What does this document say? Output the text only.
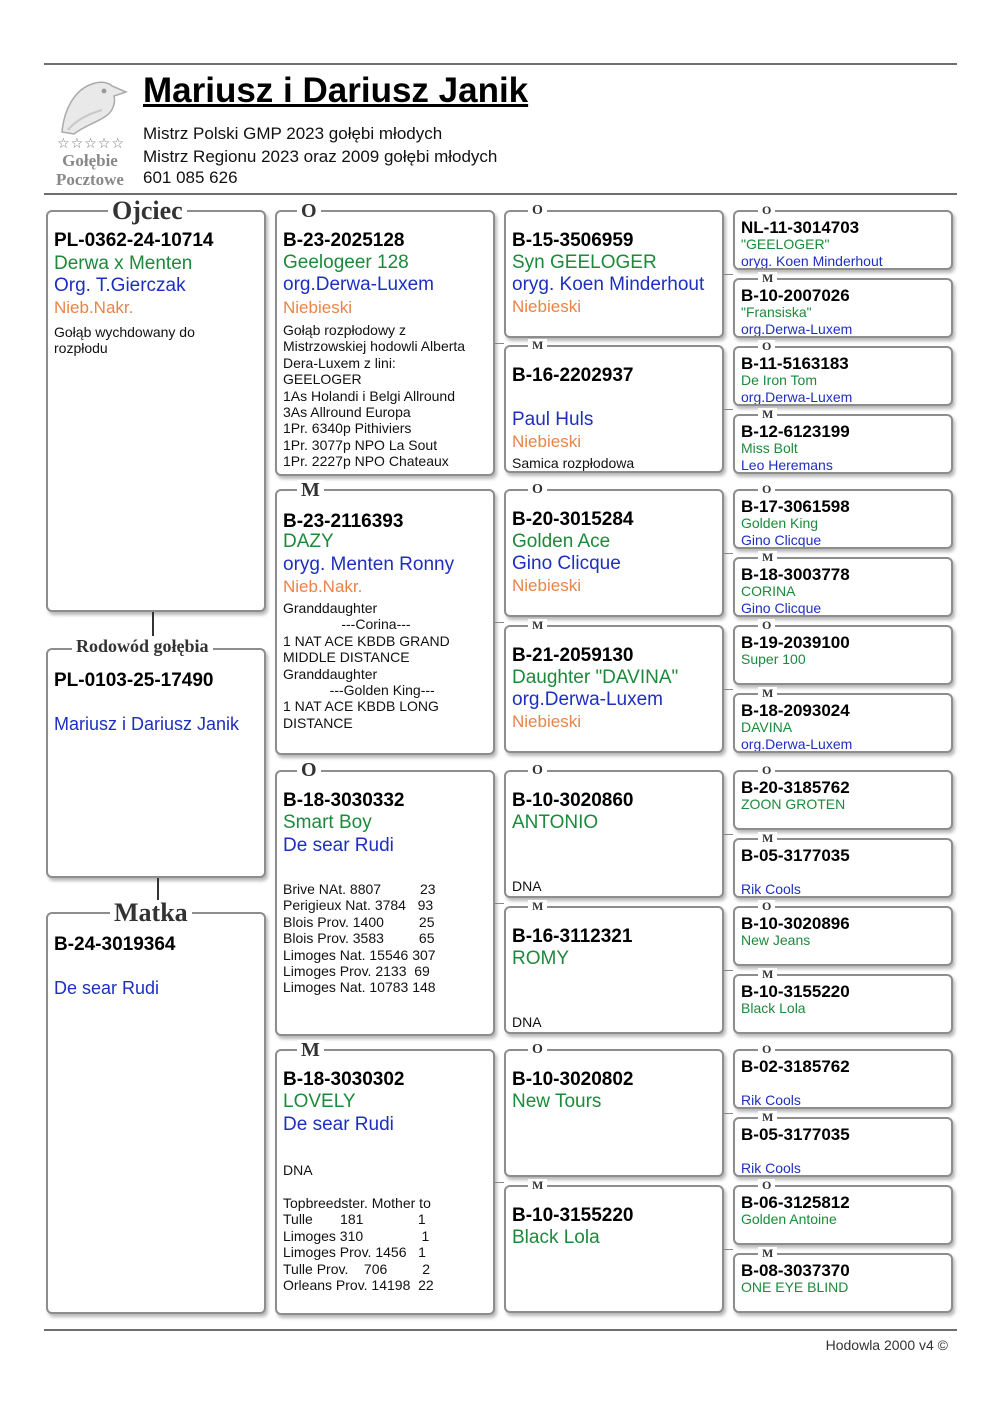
☆☆☆☆☆
Gołębie
Pocztowe
Mariusz i Dariusz Janik
Mistrz Polski GMP 2023 gołębi młodych
Mistrz Regionu 2023 oraz 2009 gołębi młodych
601 085 626
PL-0362-24-10714
Derwa x Menten
Org. T.Gierczak
Nieb.Nakr.
Gołąb wychdowany do
rozpłodu
Ojciec
PL-0103-25-17490
Mariusz i Dariusz Janik
Rodowód gołębia
B-24-3019364
De sear Rudi
Matka
B-23-2025128
Geelogeer 128
org.Derwa-Luxem
Niebieski
Gołąb rozpłodowy z
Mistrzowskiej hodowli Alberta
Dera-Luxem z lini:
GEELOGER
1As Holandi i Belgi Allround
3As Allround Europa
1Pr. 6340p Pithiviers
1Pr. 3077p NPO La Sout
1Pr. 2227p NPO Chateaux
O
B-23-2116393
DAZY
oryg. Menten Ronny
Nieb.Nakr.
Granddaughter
---Corina---
1 NAT ACE KBDB GRAND
MIDDLE DISTANCE
Granddaughter
---Golden King---
1 NAT ACE KBDB LONG
DISTANCE
M
B-18-3030332
Smart Boy
De sear Rudi
Brive NAt. 8807          23
Perigieux Nat. 3784   93
Blois Prov. 1400         25
Blois Prov. 3583         65
Limoges Nat. 15546 307
Limoges Prov. 2133  69
Limoges Nat. 10783 148
O
B-18-3030302
LOVELY
De sear Rudi
DNA
Topbreedster. Mother to
Tulle       181              1
Limoges 310               1
Limoges Prov. 1456   1
Tulle Prov.    706         2
Orleans Prov. 14198  22
M
B-15-3506959
Syn GEELOGER
oryg. Koen Minderhout
Niebieski
O
B-16-2202937
Paul Huls
Niebieski
Samica rozpłodowa
M
B-20-3015284
Golden Ace
Gino Clicque
Niebieski
O
B-21-2059130
Daughter "DAVINA"
org.Derwa-Luxem
Niebieski
M
B-10-3020860
ANTONIO
DNA
O
B-16-3112321
ROMY
DNA
M
B-10-3020802
New Tours
O
B-10-3155220
Black Lola
M
NL-11-3014703
"GEELOGER"
oryg. Koen Minderhout
O
B-10-2007026
"Fransiska"
org.Derwa-Luxem
M
B-11-5163183
De Iron Tom
org.Derwa-Luxem
O
B-12-6123199
Miss Bolt
Leo Heremans
M
B-17-3061598
Golden King
Gino Clicque
O
B-18-3003778
CORINA
Gino Clicque
M
B-19-2039100
Super 100
O
B-18-2093024
DAVINA
org.Derwa-Luxem
M
B-20-3185762
ZOON GROTEN
O
B-05-3177035
Rik Cools
M
B-10-3020896
New Jeans
O
B-10-3155220
Black Lola
M
B-02-3185762
Rik Cools
O
B-05-3177035
Rik Cools
M
B-06-3125812
Golden Antoine
O
B-08-3037370
ONE EYE BLIND
M
Hodowla 2000 v4 ©
